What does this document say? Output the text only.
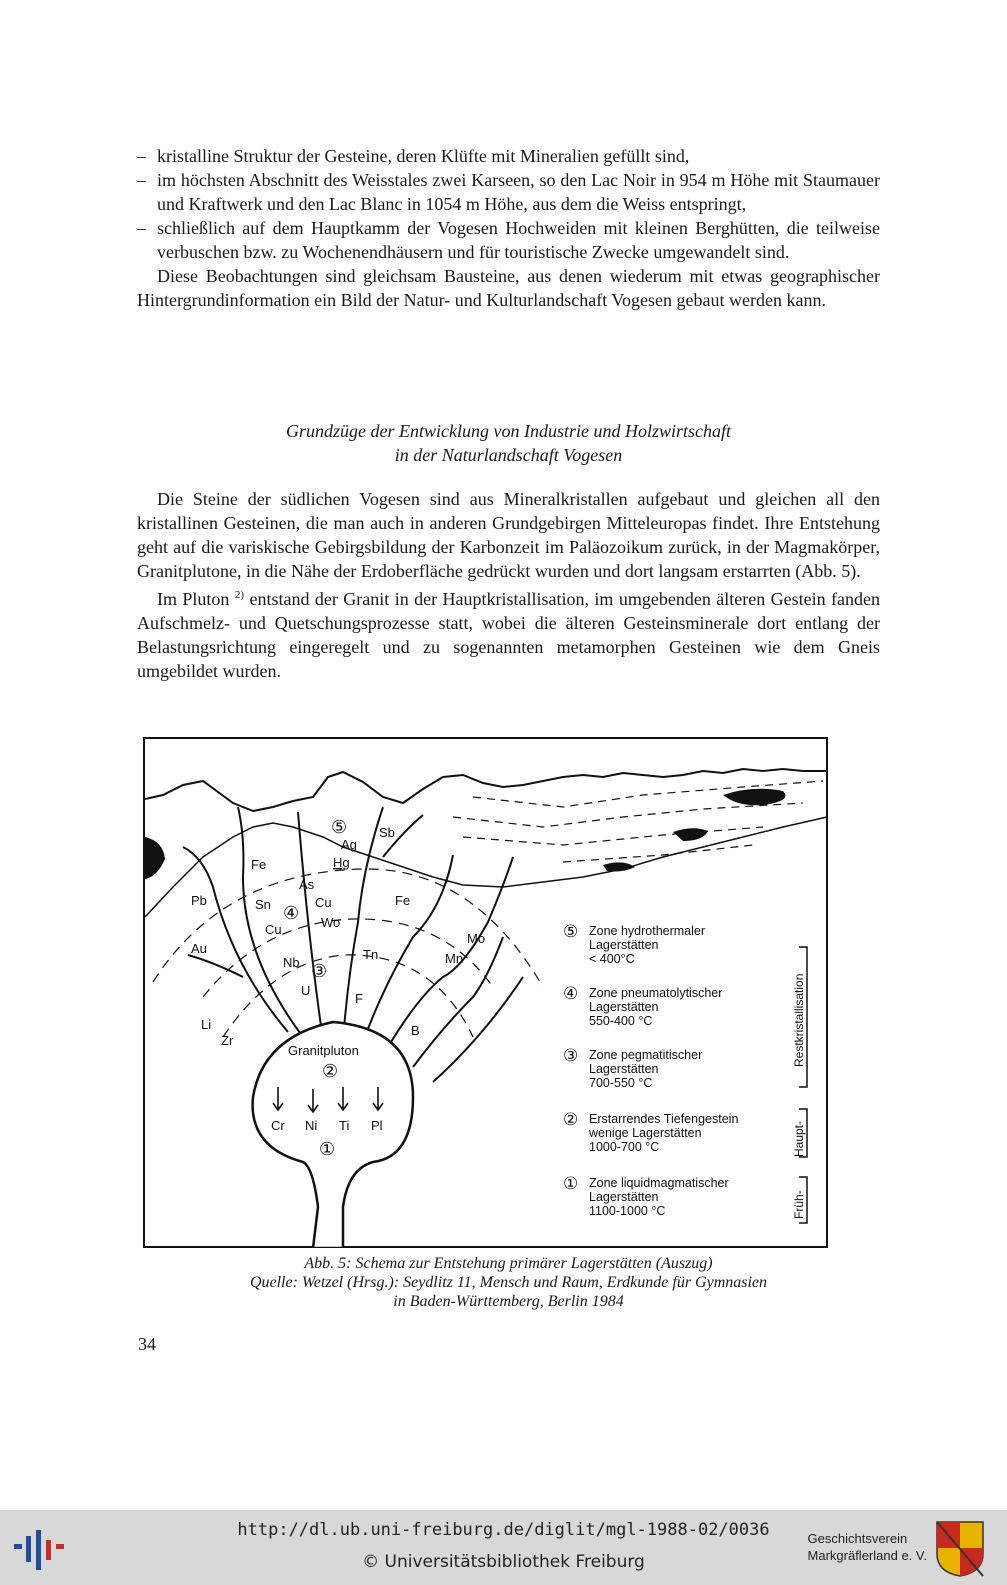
– kristalline Struktur der Gesteine, deren Klüfte mit Mineralien gefüllt sind,
– im höchsten Abschnitt des Weisstales zwei Karseen, so den Lac Noir in 954 m Höhe mit Staumauer und Kraftwerk und den Lac Blanc in 1054 m Höhe, aus dem die Weiss entspringt,
– schließlich auf dem Hauptkamm der Vogesen Hochweiden mit kleinen Berghütten, die teilweise verbuschen bzw. zu Wochenendhäusern und für touristische Zwecke umgewandelt sind.

Diese Beobachtungen sind gleichsam Bausteine, aus denen wiederum mit etwas geographischer Hintergrundinformation ein Bild der Natur- und Kulturlandschaft Vogesen gebaut werden kann.

Grundzüge der Entwicklung von Industrie und Holzwirtschaft
in der Naturlandschaft Vogesen

Die Steine der südlichen Vogesen sind aus Mineralkristallen aufgebaut und gleichen all den kristallinen Gesteinen, die man auch in anderen Grundgebirgen Mitteleuropas findet. Ihre Entstehung geht auf die variskische Gebirgsbildung der Karbonzeit im Paläozoikum zurück, in der Magmakörper, Granitplutone, in die Nähe der Erdoberfläche gedrückt wurden und dort langsam erstarrten (Abb. 5).

Im Pluton $^{2)}$ entstand der Granit in der Hauptkristallisation, im umgebenden älteren Gestein fanden Aufschmelz- und Quetschungsprozesse statt, wobei die älteren Gesteinsminerale dort entlang der Belastungsrichtung eingeregelt und zu sogenannten metamorphen Gesteinen wie dem Gneis umgebildet wurden.

Pb
Au
Li
Zr
Fe
As
Sn	Cu
Cu	Wo
Sb
Ag
Hg
Fe
Mo
Mn
Tn
Nb
U
F
B
Cr Ni Ti Pl
Granitpluton
⑤
④
③
②
①
⑤ Zone hydrothermaler
Lagerstätten
< 400°C
④ Zone pneumatolytischer
Lagerstätten
550-400 °C
③ Zone pegmatitischer
Lagerstätten
700-550 °C
② Erstarrendes Tiefengestein
wenige Lagerstätten
1000-700 °C
① Zone liquidmagmatischer
Lagerstätten
1100-1000 °C
Restkristallisation
Haupt-
Früh-
Abb. 5: Schema zur Entstehung primärer Lagerstätten (Auszug)
Quelle: Wetzel (Hrsg.): Seydlitz 11, Mensch und Raum, Erdkunde für Gymnasien
in Baden-Württemberg, Berlin 1984
34
http://dl.ub.uni-freiburg.de/diglit/mgl-1988-02/0036
© Universitätsbibliothek Freiburg
Geschichtsverein
Markgräflerland e. V.
